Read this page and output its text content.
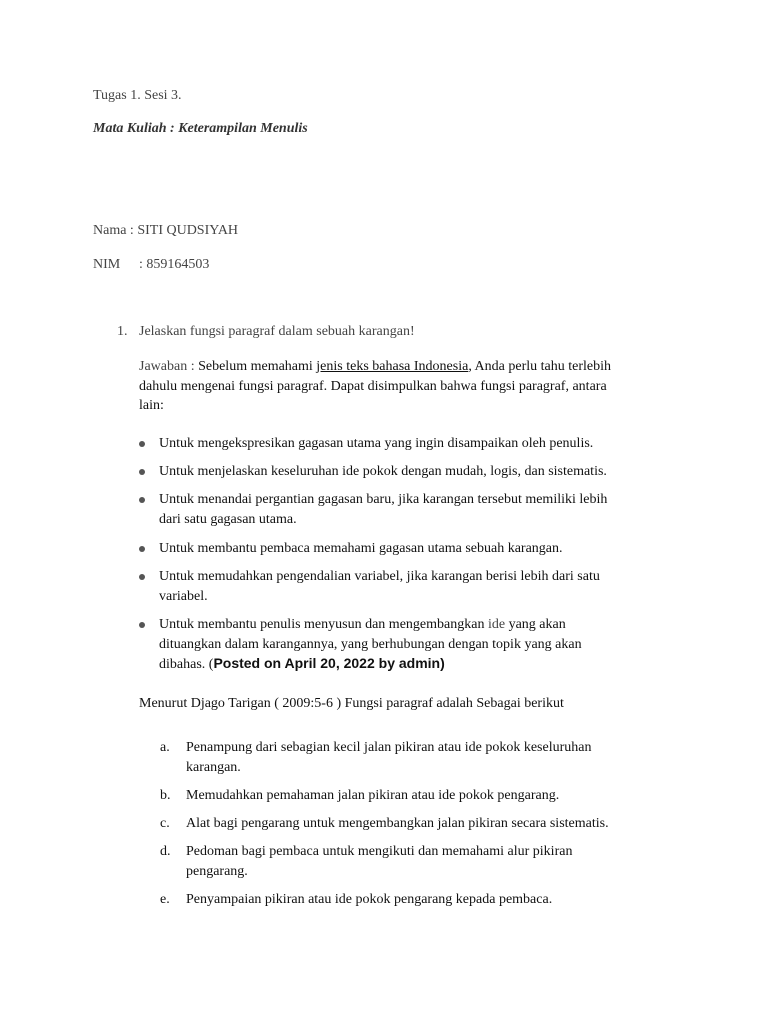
Tugas 1. Sesi 3.
Mata Kuliah : Keterampilan Menulis
Nama : SITI QUDSIYAH
NIM : 859164503
1. Jelaskan fungsi paragraf dalam sebuah karangan!
Jawaban : Sebelum memahami jenis teks bahasa Indonesia, Anda perlu tahu terlebih
dahulu mengenai fungsi paragraf. Dapat disimpulkan bahwa fungsi paragraf, antara
lain:
Untuk mengekspresikan gagasan utama yang ingin disampaikan oleh penulis.
Untuk menjelaskan keseluruhan ide pokok dengan mudah, logis, dan sistematis.
Untuk menandai pergantian gagasan baru, jika karangan tersebut memiliki lebih
dari satu gagasan utama.
Untuk membantu pembaca memahami gagasan utama sebuah karangan.
Untuk memudahkan pengendalian variabel, jika karangan berisi lebih dari satu
variabel.
Untuk membantu penulis menyusun dan mengembangkan ide yang akan
dituangkan dalam karangannya, yang berhubungan dengan topik yang akan
dibahas. (Posted on April 20, 2022 by admin)
Menurut Djago Tarigan ( 2009:5-6 ) Fungsi paragraf adalah Sebagai berikut
a. Penampung dari sebagian kecil jalan pikiran atau ide pokok keseluruhan
karangan.
b. Memudahkan pemahaman jalan pikiran atau ide pokok pengarang.
c. Alat bagi pengarang untuk mengembangkan jalan pikiran secara sistematis.
d. Pedoman bagi pembaca untuk mengikuti dan memahami alur pikiran
pengarang.
e. Penyampaian pikiran atau ide pokok pengarang kepada pembaca.
